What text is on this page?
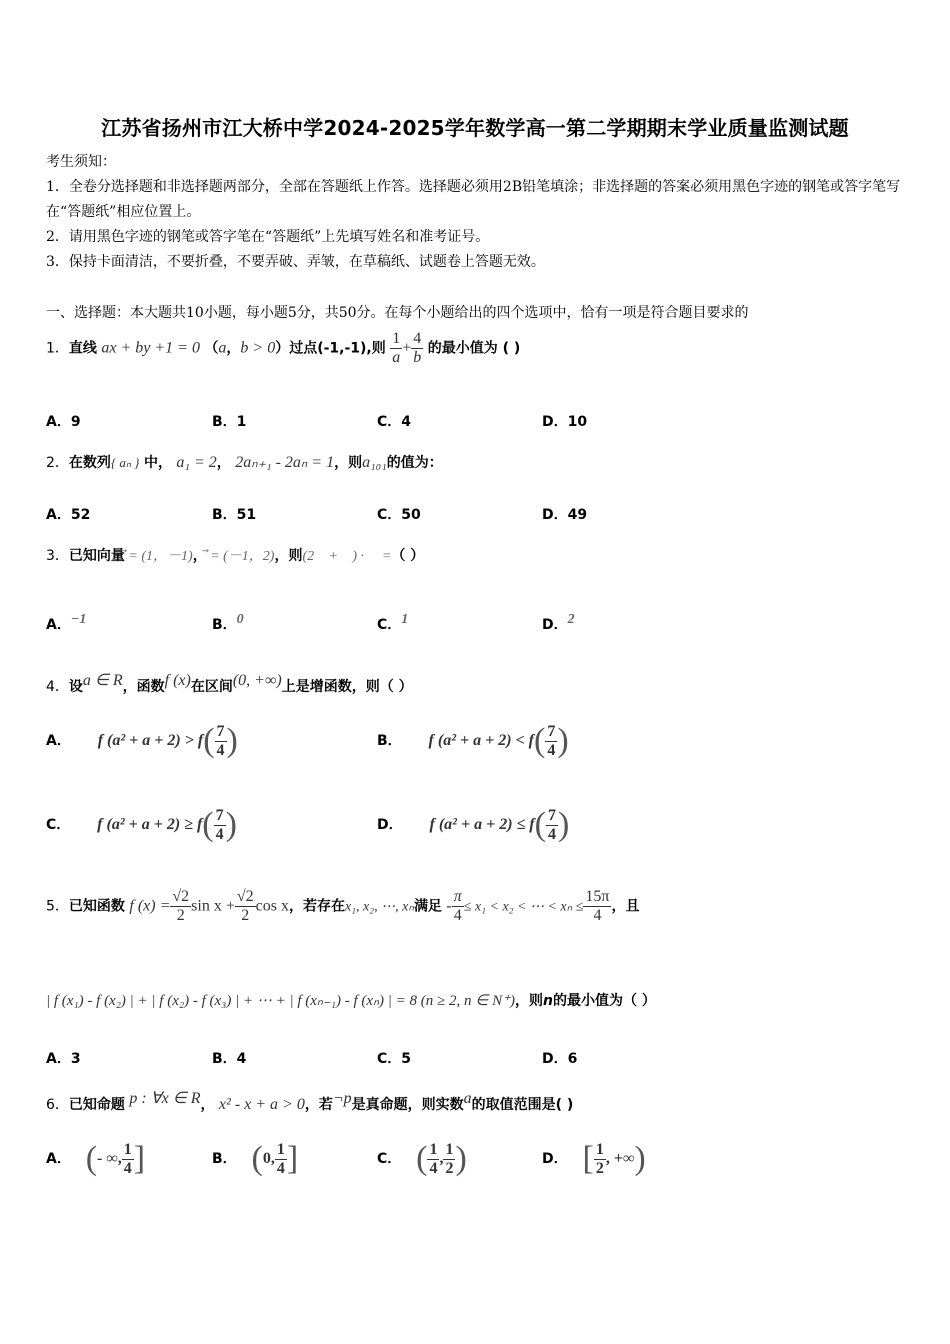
江苏省扬州市江大桥中学2024-2025学年数学高一第二学期期末学业质量监测试题
考生须知：
1．全卷分选择题和非选择题两部分，全部在答题纸上作答。选择题必须用2B铅笔填涂；非选择题的答案必须用黑色字迹的钢笔或答字笔写在“答题纸”相应位置上。
2．请用黑色字迹的钢笔或答字笔在“答题纸”上先填写姓名和准考证号。
3．保持卡面清洁，不要折叠，不要弄破、弄皱，在草稿纸、试题卷上答题无效。
一、选择题：本大题共10小题，每小题5分，共50分。在每个小题给出的四个选项中，恰有一项是符合题目要求的
1．直线 ax + by +1 = 0 （a，b > 0）过点(-1,-1),则 $\frac{1}{a} + \frac{4}{b}$ 的最小值为 ( )
A．9	B．1	C．4	D．10
2．在数列{ aₙ } 中， a₁ = 2， 2aₙ₊₁ - 2aₙ = 1，则a₁₀₁的值为：
A．52	B．51	C．50	D．49
3．已知向量⃗ = (1，－1)，⃗ = (－1，2)，则(2⃗ + ⃗) · ⃗ =（ ）
A．−1	B．0	C．1	D．2
4．设a ∈ R，函数f (x)在区间(0, +∞)上是增函数，则（ ）
A． f $(a^2 + a + 2) > f( \frac{7}{4}$ )	B． f $(a^2 + a + 2) < f( \frac{7}{4}$ )
C． f $(a^2 + a + 2) \ge f( \frac{7}{4}$ )	D． f $(a^2 + a + 2) \le f( \frac{7}{4}$ )
5．已知函数 f $(x) = \frac{√2}{2}$ $\sin x + \frac{√2}{2}$ cos x，若存在x₁, x₂, ⋯, xₙ满足 - $\frac{\pi}{4} \le x_1 < x_2$ < ⋯ < $x_n \le \frac{15\pi}{4}$ ，且
| f (x₁) - f (x₂) | + | f (x₂) - f (x₃) | + ⋯ + | f (xₙ₋₁) - f (xₙ) | = 8 (n ≥ 2, n ∈ N⁺)，则n的最小值为（ ）
A．3	B．4	C．5	D．6
6．已知命题 p : ∀x ∈ R， x² - x + a > 0，若¬p是真命题，则实数a的取值范围是( )
A． (- ∞, $\frac{1}{4}$ ]	B． (0, $\frac{1}{4}$ ]	C． ( $\frac{1}{4}$ , $\frac{1}{2}$ )	D． [ $\frac{1}{2}$ , +∞)
